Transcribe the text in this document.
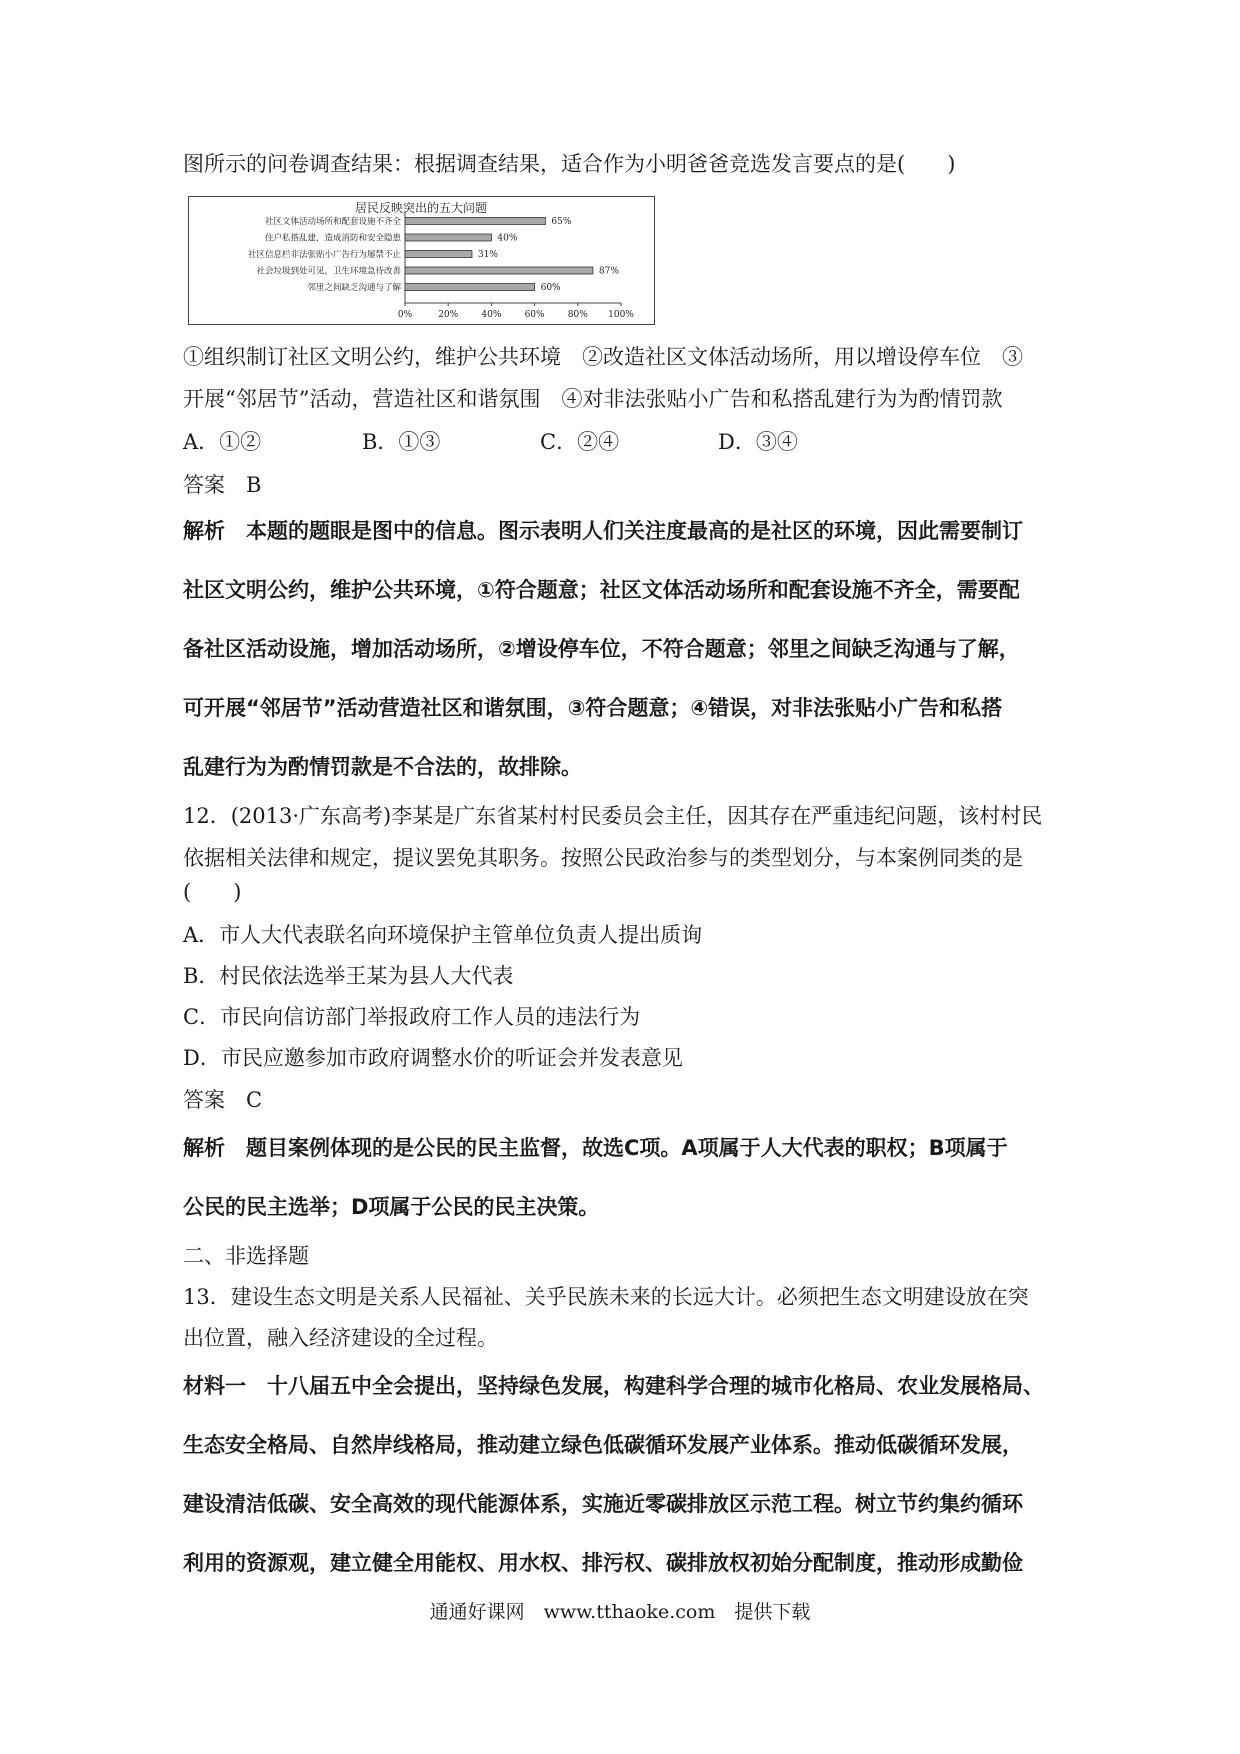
图所示的问卷调查结果：根据调查结果，适合作为小明爸爸竞选发言要点的是(　　)
居民反映突出的五大问题
社区文体活动场所和配套设施不齐全	65%
住户私搭乱建，造成消防和安全隐患	40%
社区信息栏非法张贴小广告行为屡禁不止	31%
社会垃圾到处可见，卫生环境急待改善	87%
邻里之间缺乏沟通与了解	60%
0%	20%	40%	60%	80% 100%
①组织制订社区文明公约，维护公共环境　②改造社区文体活动场所，用以增设停车位　③
开展“邻居节”活动，营造社区和谐氛围　④对非法张贴小广告和私搭乱建行为为酌情罚款
A．①②	B．①③	C．②④	D．③④
答案　B
解析　本题的题眼是图中的信息。图示表明人们关注度最高的是社区的环境，因此需要制订
社区文明公约，维护公共环境，①符合题意；社区文体活动场所和配套设施不齐全，需要配
备社区活动设施，增加活动场所，②增设停车位，不符合题意；邻里之间缺乏沟通与了解，
可开展“邻居节”活动营造社区和谐氛围，③符合题意；④错误，对非法张贴小广告和私搭
乱建行为为酌情罚款是不合法的，故排除。
12．(2013·广东高考)李某是广东省某村村民委员会主任，因其存在严重违纪问题，该村村民
依据相关法律和规定，提议罢免其职务。按照公民政治参与的类型划分，与本案例同类的是
(　　)
A．市人大代表联名向环境保护主管单位负责人提出质询
B．村民依法选举王某为县人大代表
C．市民向信访部门举报政府工作人员的违法行为
D．市民应邀参加市政府调整水价的听证会并发表意见
答案　C
解析　题目案例体现的是公民的民主监督，故选C项。A项属于人大代表的职权；B项属于
公民的民主选举；D项属于公民的民主决策。
二、非选择题
13．建设生态文明是关系人民福祉、关乎民族未来的长远大计。必须把生态文明建设放在突
出位置，融入经济建设的全过程。
材料一　十八届五中全会提出，坚持绿色发展，构建科学合理的城市化格局、农业发展格局、
生态安全格局、自然岸线格局，推动建立绿色低碳循环发展产业体系。推动低碳循环发展，
建设清洁低碳、安全高效的现代能源体系，实施近零碳排放区示范工程。树立节约集约循环
利用的资源观，建立健全用能权、用水权、排污权、碳排放权初始分配制度，推动形成勤俭
通通好课网　www.tthaoke.com　提供下载
